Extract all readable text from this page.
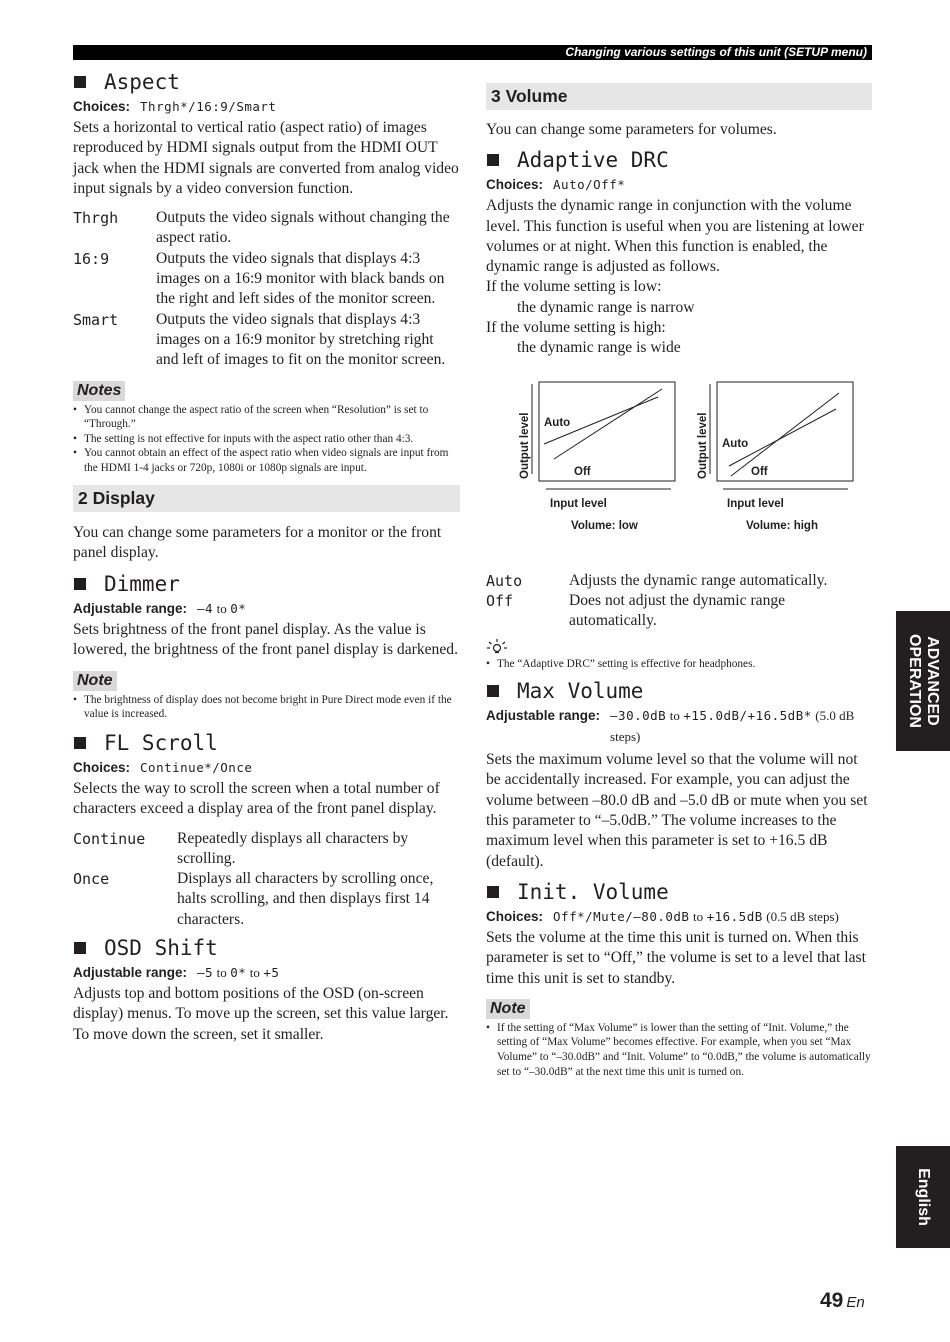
Changing various settings of this unit (SETUP menu)
Aspect
Choices: Thrgh*/16:9/Smart

Sets a horizontal to vertical ratio (aspect ratio) of images reproduced by HDMI signals output from the HDMI OUT jack when the HDMI signals are converted from analog video input signals by a video conversion function.

Thrgh	Outputs the video signals without changing the aspect ratio.
16:9	Outputs the video signals that displays 4:3 images on a 16:9 monitor with black bands on the right and left sides of the monitor screen.
Smart	Outputs the video signals that displays 4:3 images on a 16:9 monitor by stretching right and left of images to fit on the monitor screen.
Notes
• You cannot change the aspect ratio of the screen when “Resolution” is set to “Through.”
• The setting is not effective for inputs with the aspect ratio other than 4:3.
• You cannot obtain an effect of the aspect ratio when video signals are input from the HDMI 1-4 jacks or 720p, 1080i or 1080p signals are input.
2 Display

You can change some parameters for a monitor or the front panel display.

Dimmer
Adjustable range: –4 to 0*

Sets brightness of the front panel display. As the value is lowered, the brightness of the front panel display is darkened.

Note
• The brightness of display does not become bright in Pure Direct mode even if the value is increased.
FL Scroll
Choices: Continue*/Once

Selects the way to scroll the screen when a total number of characters exceed a display area of the front panel display.

Continue	Repeatedly displays all characters by scrolling.
Once	Displays all characters by scrolling once, halts scrolling, and then displays first 14 characters.
OSD Shift
Adjustable range: –5 to 0* to +5

Adjusts top and bottom positions of the OSD (on-screen display) menus. To move up the screen, set this value larger. To move down the screen, set it smaller.

3 Volume

You can change some parameters for volumes.

Adaptive DRC
Choices: Auto/Off*

Adjusts the dynamic range in conjunction with the volume level. This function is useful when you are listening at lower volumes or at night. When this function is enabled, the dynamic range is adjusted as follows.

If the volume setting is low:

the dynamic range is narrow

If the volume setting is high:

the dynamic range is wide

Auto
Off
Output level
Input level
Volume: low
Auto
Off
Output level
Input level
Volume: high
Auto	Adjusts the dynamic range automatically.
Off	Does not adjust the dynamic range automatically.
• The “Adaptive DRC” setting is effective for headphones.
Max Volume
Adjustable range: –30.0dB to +15.0dB/+16.5dB* (5.0 dB steps)

Sets the maximum volume level so that the volume will not be accidentally increased. For example, you can adjust the volume between –80.0 dB and –5.0 dB or mute when you set this parameter to “–5.0dB.” The volume increases to the maximum level when this parameter is set to +16.5 dB (default).

Init. Volume
Choices: Off*/Mute/–80.0dB to +16.5dB (0.5 dB steps)

Sets the volume at the time this unit is turned on. When this parameter is set to “Off,” the volume is set to a level that last time this unit is set to standby.

Note
• If the setting of “Max Volume” is lower than the setting of “Init. Volume,” the setting of “Max Volume” becomes effective. For example, when you set “Max Volume” to “–30.0dB” and “Init. Volume” to “0.0dB,” the volume is automatically set to “–30.0dB” at the next time this unit is turned on.
ADVANCED
OPERATION
English
49 En
